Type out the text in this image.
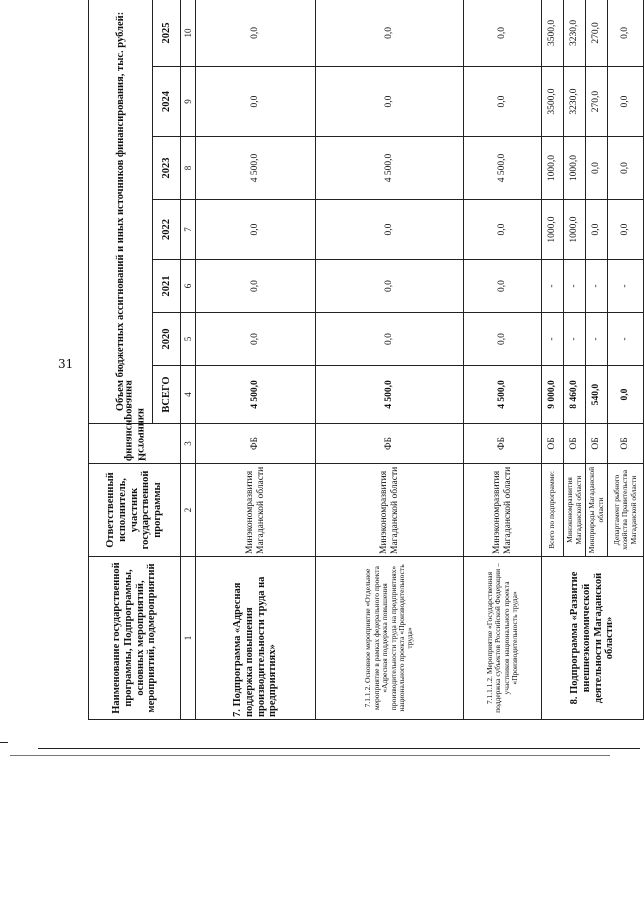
31
Наименование государственной программы, Подпрограммы, основных мероприятий, мероприятий, подмероприятий	Ответственный исполнитель, участник государственной программы	Источники финансирования	Объем бюджетных ассигнований и иных источников финансирования, тыс. рублей:						
			ВСЕГО	2020	2021	2022	2023	2024	2025
1	2	3	4	5	6	7	8	9	10
7. Подпрограмма «Адресная поддержка повышения производительности труда на предприятиях»	Минэкономразвития Магаданской области	ФБ	4 500,0	0,0	0,0	0,0	4 500,0	0,0	0,0
7.1.1.2. Основное мероприятие «Отдельное мероприятие в рамках федерального проекта «Адресная поддержка повышения производительности труда на предприятиях» национального проекта «Производительность труда»	Минэкономразвития Магаданской области	ФБ	4 500,0	0,0	0,0	0,0	4 500,0	0,0	0,0
7.1.1.1.2. Мероприятие «Государственная поддержка субъектов Российской Федерации – участников национального проекта «Производительность труда»	Минэкономразвития Магаданской области	ФБ	4 500,0	0,0	0,0	0,0	4 500,0	0,0	0,0
8. Подпрограмма «Развитие внешнеэкономической деятельности Магаданской области»	Всего по подпрограмме:	ОБ	9 000,0	-	-	1000,0	1000,0	3500,0	3500,0
	Минэкономразвития Магаданской области	ОБ	8 460,0	-	-	1000,0	1000,0	3230,0	3230,0
	Минприроды Магаданской области	ОБ	540,0	-	-	0,0	0,0	270,0	270,0
	Департамент рыбного хозяйства Правительства Магаданской области	ОБ	0,0	-	-	0,0	0,0	0,0	0,0
